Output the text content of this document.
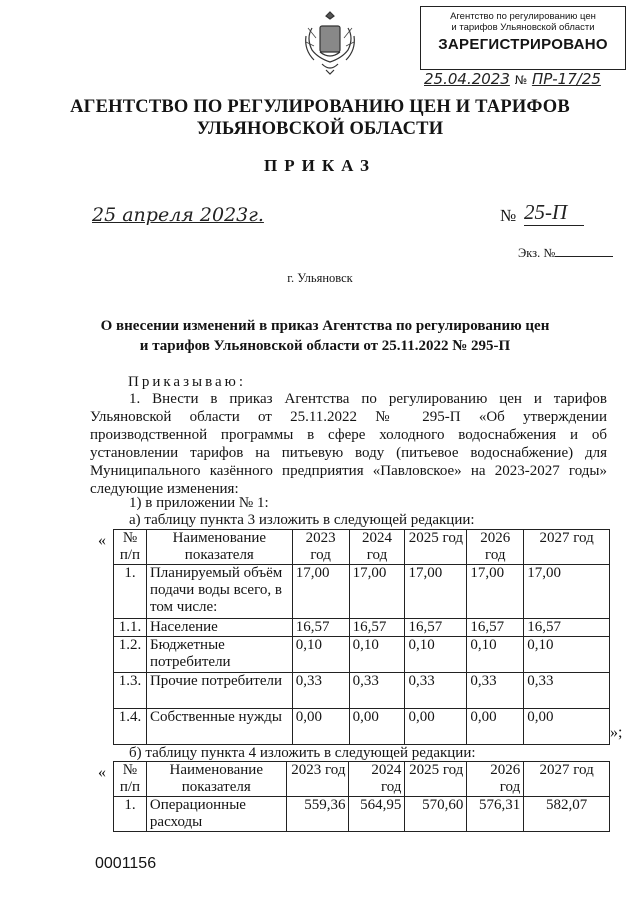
Агентство по регулированию цен
и тарифов Ульяновской области
ЗАРЕГИСТРИРОВАНО
25.04.2023 № ПР-17/25
АГЕНТСТВО ПО РЕГУЛИРОВАНИЮ ЦЕН И ТАРИФОВ
УЛЬЯНОВСКОЙ ОБЛАСТИ
ПРИКАЗ
25 апреля 2023г.	№ 25-П
Экз. №
г. Ульяновск
О внесении изменений в приказ Агентства по регулированию цен
и тарифов Ульяновской области от 25.11.2022 № 295-П
Приказываю:
1. Внести в приказ Агентства по регулированию цен и тарифов Ульяновской области от 25.11.2022 № 295-П «Об утверждении производственной программы в сфере холодного водоснабжения и об установлении тарифов на питьевую воду (питьевое водоснабжение) для Муниципального казённого предприятия «Павловское» на 2023-2027 годы» следующие изменения:
1) в приложении № 1:
а) таблицу пункта 3 изложить в следующей редакции:
« № п/п	Наименование показателя	2023 год	2024 год	2025 год	2026 год	2027 год
1.	Планируемый объём подачи воды всего, в том числе:	17,00	17,00	17,00	17,00	17,00
1.1.	Население	16,57	16,57	16,57	16,57	16,57
1.2.	Бюджетные потребители	0,10	0,10	0,10	0,10	0,10
1.3.	Прочие потребители	0,33	0,33	0,33	0,33	0,33
1.4.	Собственные нужды	0,00	0,00	0,00	0,00	0,00
»;
б) таблицу пункта 4 изложить в следующей редакции:
« № п/п	Наименование показателя	2023 год	2024 год	2025 год	2026 год	2027 год
1.	Операционные расходы	559,36	564,95	570,60	576,31	582,07
0001156
